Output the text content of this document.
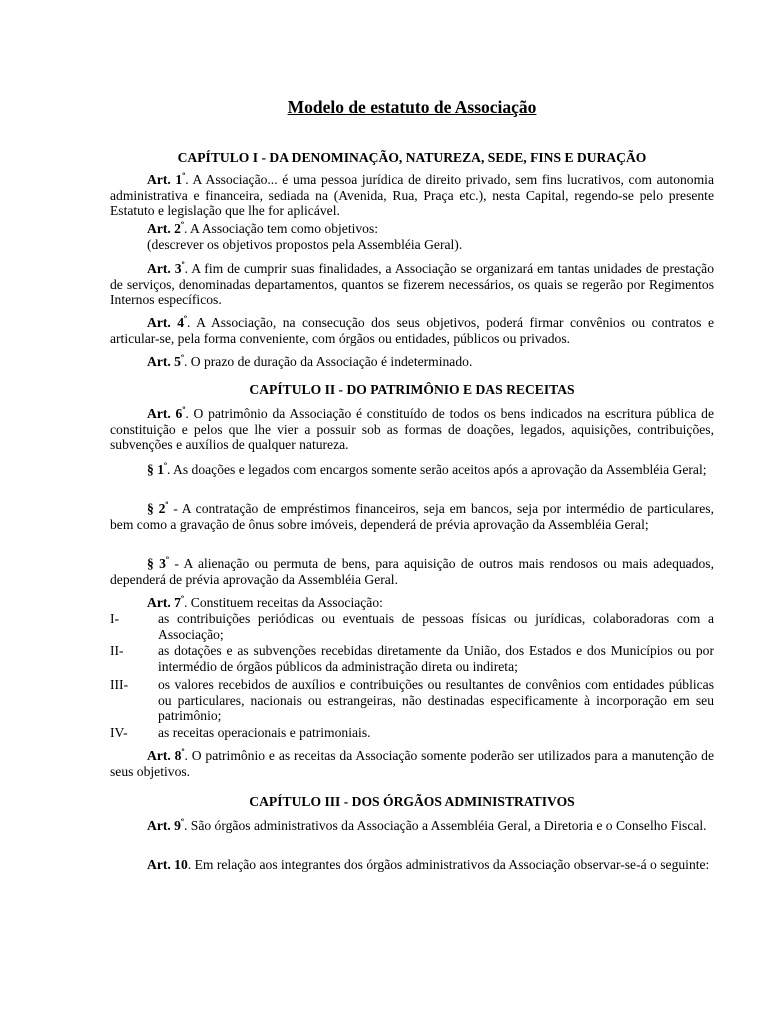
Modelo de estatuto de Associação
CAPÍTULO I - DA DENOMINAÇÃO, NATUREZA, SEDE, FINS E DURAÇÃO
Art. $1^º$. A Associação... é uma pessoa jurídica de direito privado, sem fins lucrativos, com autonomia administrativa e financeira, sediada na (Avenida, Rua, Praça etc.), nesta Capital, regendo-se pelo presente Estatuto e legislação que lhe for aplicável.
Art. $2^º$. A Associação tem como objetivos:
(descrever os objetivos propostos pela Assembléia Geral).
Art. $3^º$. A fim de cumprir suas finalidades, a Associação se organizará em tantas unidades de prestação de serviços, denominadas departamentos, quantos se fizerem necessários, os quais se regerão por Regimentos Internos específicos.
Art. $4^º$. A Associação, na consecução dos seus objetivos, poderá firmar convênios ou contratos e articular-se, pela forma conveniente, com órgãos ou entidades, públicos ou privados.
Art. $5^º$. O prazo de duração da Associação é indeterminado.
CAPÍTULO II - DO PATRIMÔNIO E DAS RECEITAS
Art. $6^º$. O patrimônio da Associação é constituído de todos os bens indicados na escritura pública de constituição e pelos que lhe vier a possuir sob as formas de doações, legados, aquisições, contribuições, subvenções e auxílios de qualquer natureza.
§ $1^º$. As doações e legados com encargos somente serão aceitos após a aprovação da Assembléia Geral;
§ $2^º$ - A contratação de empréstimos financeiros, seja em bancos, seja por intermédio de particulares, bem como a gravação de ônus sobre imóveis, dependerá de prévia aprovação da Assembléia Geral;
§ $3^º$ - A alienação ou permuta de bens, para aquisição de outros mais rendosos ou mais adequados, dependerá de prévia aprovação da Assembléia Geral.
Art. $7^º$. Constituem receitas da Associação:
I-	as contribuições periódicas ou eventuais de pessoas físicas ou jurídicas, colaboradoras com a Associação;
II-	as dotações e as subvenções recebidas diretamente da União, dos Estados e dos Municípios ou por intermédio de órgãos públicos da administração direta ou indireta;
III- os valores recebidos de auxílios e contribuições ou resultantes de convênios com entidades públicas ou particulares, nacionais ou estrangeiras, não destinadas especificamente à incorporação em seu patrimônio;
IV- as receitas operacionais e patrimoniais.
Art. $8^º$. O patrimônio e as receitas da Associação somente poderão ser utilizados para a manutenção de seus objetivos.
CAPÍTULO III - DOS ÓRGÃOS ADMINISTRATIVOS
Art. $9^º$. São órgãos administrativos da Associação a Assembléia Geral, a Diretoria e o Conselho Fiscal.
Art. 10. Em relação aos integrantes dos órgãos administrativos da Associação observar-se-á o seguinte:
